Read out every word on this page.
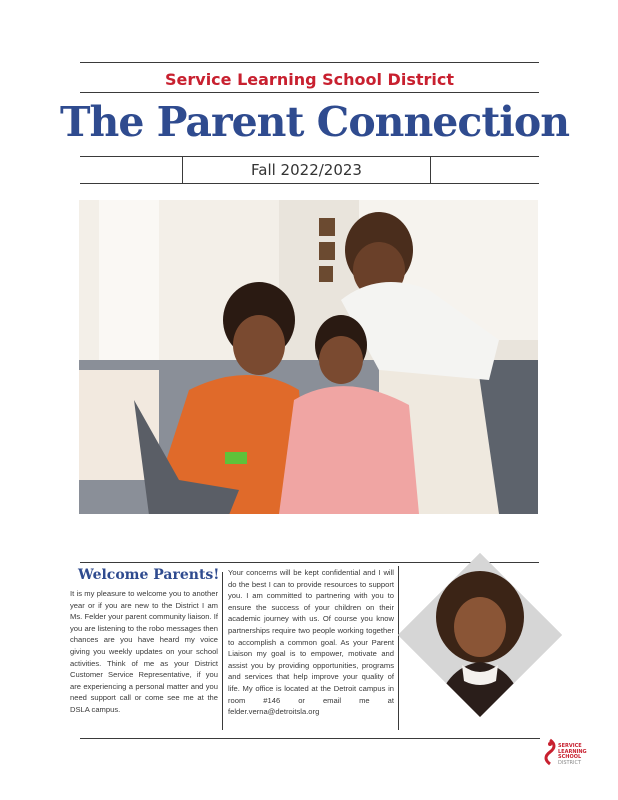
Service Learning School District
The Parent Connection
Fall 2022/2023
Welcome Parents!
It is my pleasure to welcome you to another year or if you are new to the District I am Ms. Felder your parent community liaison. If you are listening to the robo messages then chances are you have heard my voice giving you weekly updates on your school activities. Think of me as your District Customer Service Representative, if you are experiencing a personal matter and you need support call or come see me at the DSLA campus.
Your concerns will be kept confidential and I will do the best I can to provide resources to support you. I am committed to partnering with you to ensure the success of your children on their academic journey with us. Of course you know partnerships require two people working together to accomplish a common goal. As your Parent Liaison my goal is to empower, motivate and assist you by providing opportunities, programs and services that help improve your quality of life. My office is located at the Detroit campus in room #146 or email me at felder.verna@detroitsla.org
SERVICE
LEARNING
SCHOOL
DISTRICT
